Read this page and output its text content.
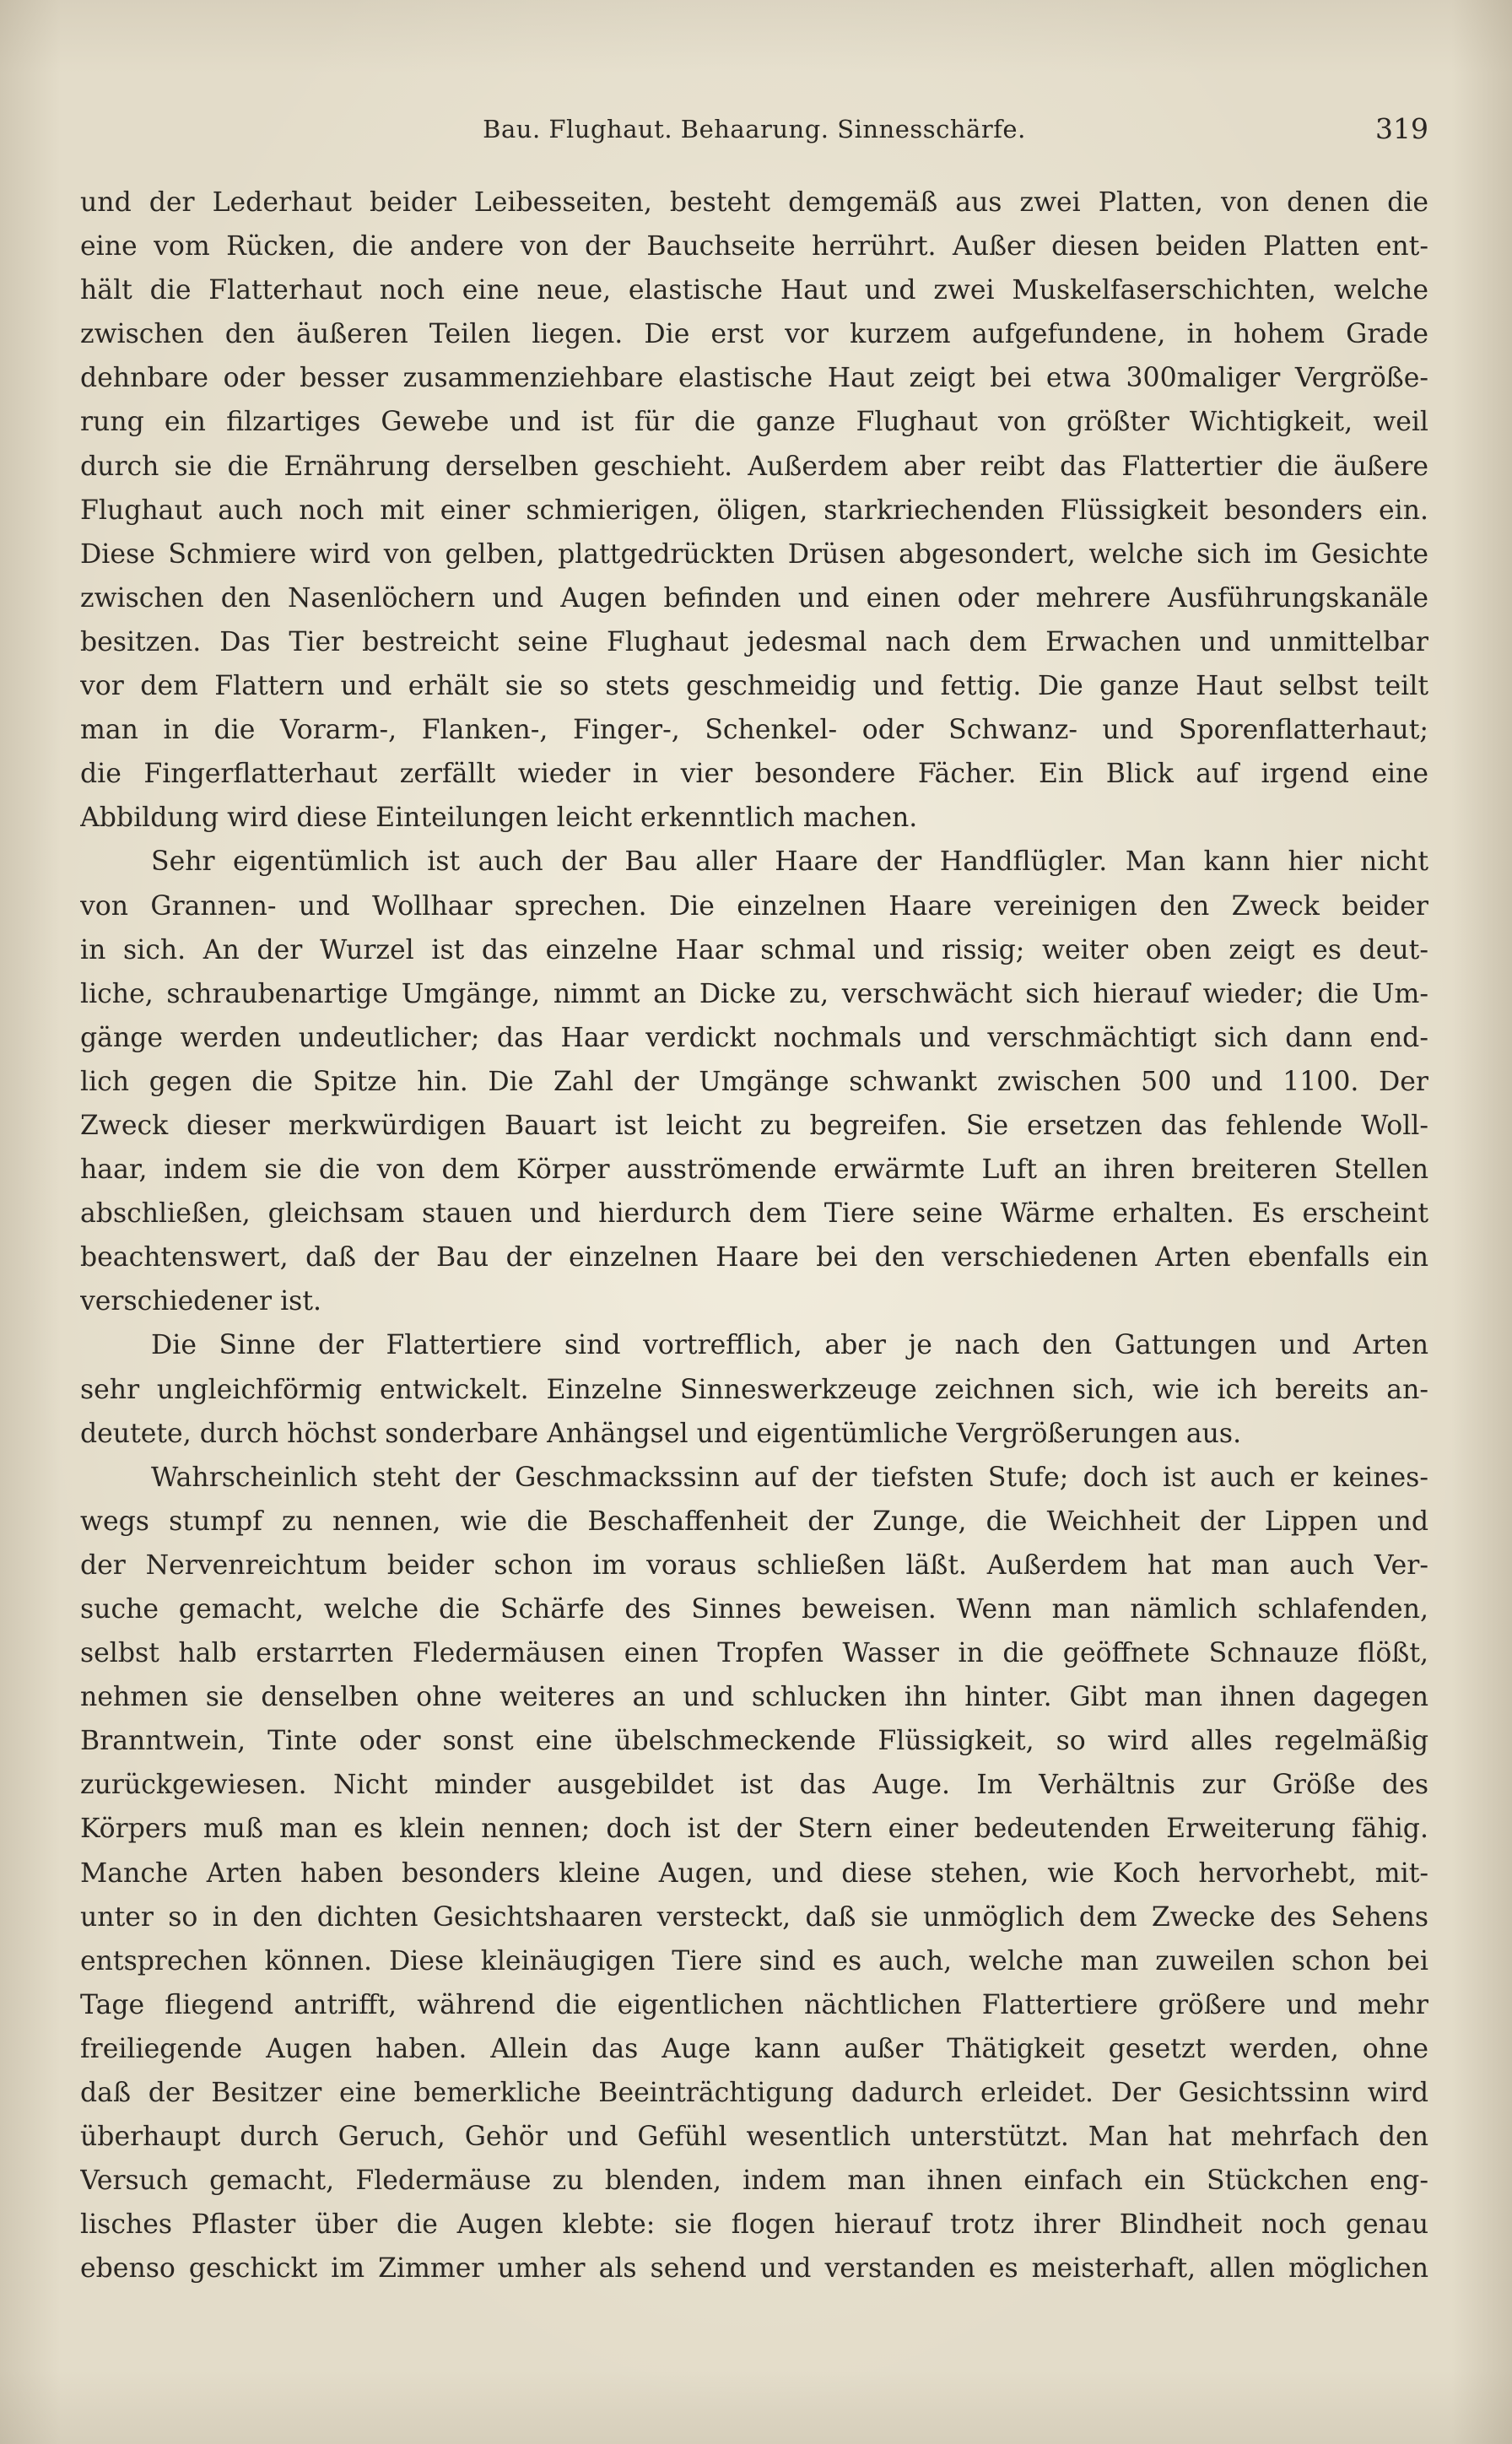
Bau. Flughaut. Behaarung. Sinnesschärfe.	319
und der Lederhaut beider Leibesseiten, besteht demgemäß aus zwei Platten, von denen die
eine vom Rücken, die andere von der Bauchseite herrührt. Außer diesen beiden Platten ent-
hält die Flatterhaut noch eine neue, elastische Haut und zwei Muskelfaserschichten, welche
zwischen den äußeren Teilen liegen. Die erst vor kurzem aufgefundene, in hohem Grade
dehnbare oder besser zusammenziehbare elastische Haut zeigt bei etwa 300maliger Vergröße-
rung ein filzartiges Gewebe und ist für die ganze Flughaut von größter Wichtigkeit, weil
durch sie die Ernährung derselben geschieht. Außerdem aber reibt das Flattertier die äußere
Flughaut auch noch mit einer schmierigen, öligen, starkriechenden Flüssigkeit besonders ein.
Diese Schmiere wird von gelben, plattgedrückten Drüsen abgesondert, welche sich im Gesichte
zwischen den Nasenlöchern und Augen befinden und einen oder mehrere Ausführungskanäle
besitzen. Das Tier bestreicht seine Flughaut jedesmal nach dem Erwachen und unmittelbar
vor dem Flattern und erhält sie so stets geschmeidig und fettig. Die ganze Haut selbst teilt
man in die Vorarm-, Flanken-, Finger-, Schenkel- oder Schwanz- und Sporenflatterhaut;
die Fingerflatterhaut zerfällt wieder in vier besondere Fächer. Ein Blick auf irgend eine
Abbildung wird diese Einteilungen leicht erkenntlich machen.
Sehr eigentümlich ist auch der Bau aller Haare der Handflügler. Man kann hier nicht
von Grannen- und Wollhaar sprechen. Die einzelnen Haare vereinigen den Zweck beider
in sich. An der Wurzel ist das einzelne Haar schmal und rissig; weiter oben zeigt es deut-
liche, schraubenartige Umgänge, nimmt an Dicke zu, verschwächt sich hierauf wieder; die Um-
gänge werden undeutlicher; das Haar verdickt nochmals und verschmächtigt sich dann end-
lich gegen die Spitze hin. Die Zahl der Umgänge schwankt zwischen 500 und 1100. Der
Zweck dieser merkwürdigen Bauart ist leicht zu begreifen. Sie ersetzen das fehlende Woll-
haar, indem sie die von dem Körper ausströmende erwärmte Luft an ihren breiteren Stellen
abschließen, gleichsam stauen und hierdurch dem Tiere seine Wärme erhalten. Es erscheint
beachtenswert, daß der Bau der einzelnen Haare bei den verschiedenen Arten ebenfalls ein
verschiedener ist.
Die Sinne der Flattertiere sind vortrefflich, aber je nach den Gattungen und Arten
sehr ungleichförmig entwickelt. Einzelne Sinneswerkzeuge zeichnen sich, wie ich bereits an-
deutete, durch höchst sonderbare Anhängsel und eigentümliche Vergrößerungen aus.
Wahrscheinlich steht der Geschmackssinn auf der tiefsten Stufe; doch ist auch er keines-
wegs stumpf zu nennen, wie die Beschaffenheit der Zunge, die Weichheit der Lippen und
der Nervenreichtum beider schon im voraus schließen läßt. Außerdem hat man auch Ver-
suche gemacht, welche die Schärfe des Sinnes beweisen. Wenn man nämlich schlafenden,
selbst halb erstarrten Fledermäusen einen Tropfen Wasser in die geöffnete Schnauze flößt,
nehmen sie denselben ohne weiteres an und schlucken ihn hinter. Gibt man ihnen dagegen
Branntwein, Tinte oder sonst eine übelschmeckende Flüssigkeit, so wird alles regelmäßig
zurückgewiesen. Nicht minder ausgebildet ist das Auge. Im Verhältnis zur Größe des
Körpers muß man es klein nennen; doch ist der Stern einer bedeutenden Erweiterung fähig.
Manche Arten haben besonders kleine Augen, und diese stehen, wie Koch hervorhebt, mit-
unter so in den dichten Gesichtshaaren versteckt, daß sie unmöglich dem Zwecke des Sehens
entsprechen können. Diese kleinäugigen Tiere sind es auch, welche man zuweilen schon bei
Tage fliegend antrifft, während die eigentlichen nächtlichen Flattertiere größere und mehr
freiliegende Augen haben. Allein das Auge kann außer Thätigkeit gesetzt werden, ohne
daß der Besitzer eine bemerkliche Beeinträchtigung dadurch erleidet. Der Gesichtssinn wird
überhaupt durch Geruch, Gehör und Gefühl wesentlich unterstützt. Man hat mehrfach den
Versuch gemacht, Fledermäuse zu blenden, indem man ihnen einfach ein Stückchen eng-
lisches Pflaster über die Augen klebte: sie flogen hierauf trotz ihrer Blindheit noch genau
ebenso geschickt im Zimmer umher als sehend und verstanden es meisterhaft, allen möglichen
